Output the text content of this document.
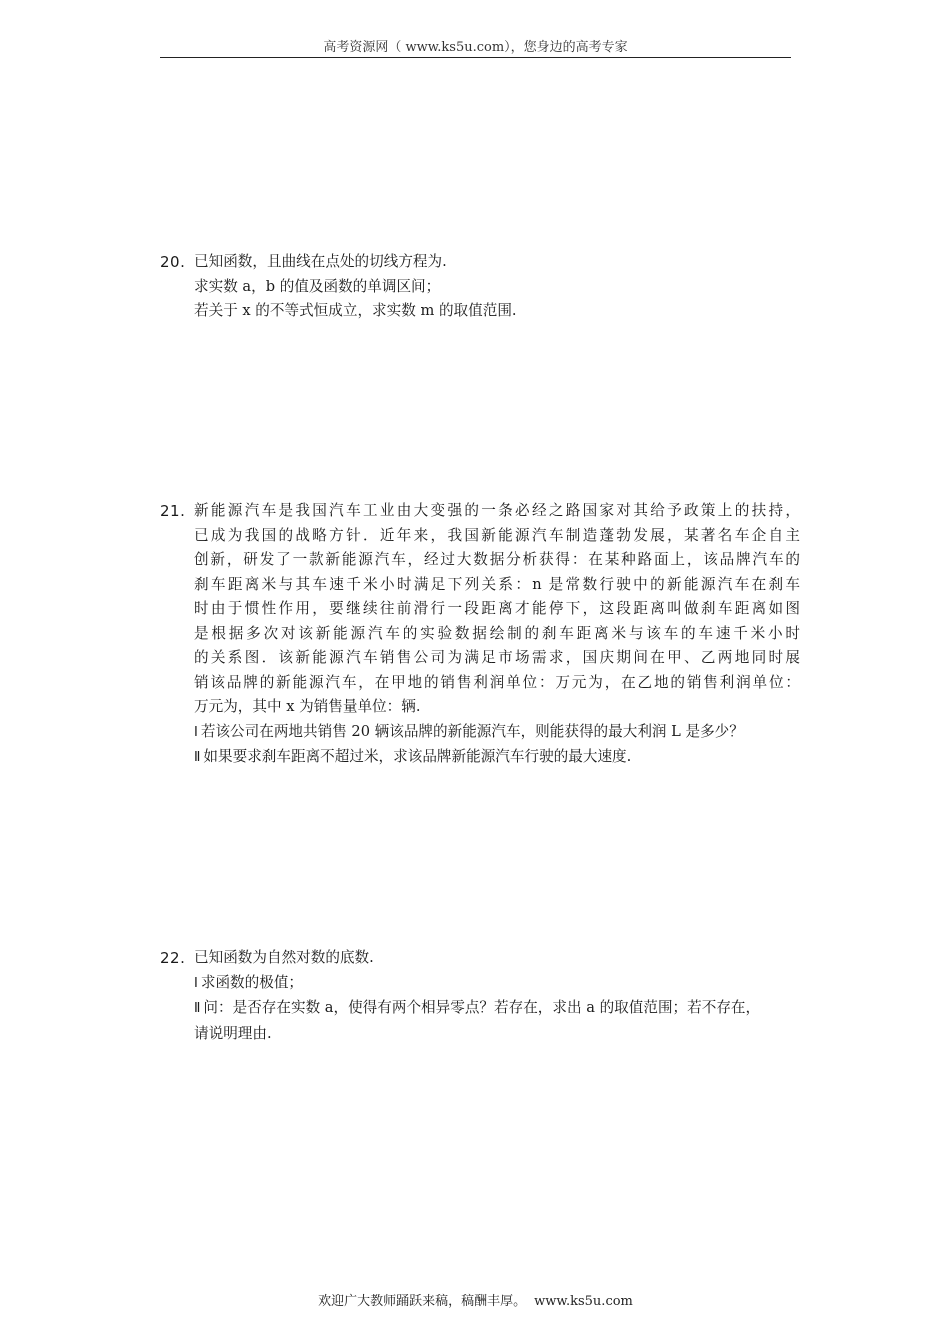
高考资源网（ www.ks5u.com），您身边的高考专家
20. 已知函数，且曲线在点处的切线方程为.
求实数 a，b 的值及函数的单调区间；
若关于 x 的不等式恒成立，求实数 m 的取值范围.
21. 新能源汽车是我国汽车工业由大变强的一条必经之路国家对其给予政策上的扶持，
已成为我国的战略方针．近年来，我国新能源汽车制造蓬勃发展，某著名车企自主
创新，研发了一款新能源汽车，经过大数据分析获得：在某种路面上，该品牌汽车的
刹车距离米与其车速千米小时满足下列关系：n 是常数行驶中的新能源汽车在刹车
时由于惯性作用，要继续往前滑行一段距离才能停下，这段距离叫做刹车距离如图
是根据多次对该新能源汽车的实验数据绘制的刹车距离米与该车的车速千米小时
的关系图．该新能源汽车销售公司为满足市场需求，国庆期间在甲、乙两地同时展
销该品牌的新能源汽车，在甲地的销售利润单位：万元为，在乙地的销售利润单位：
万元为，其中 x 为销售量单位：辆.
Ⅰ 若该公司在两地共销售 20 辆该品牌的新能源汽车，则能获得的最大利润 L 是多少？
Ⅱ 如果要求刹车距离不超过米，求该品牌新能源汽车行驶的最大速度.
22. 已知函数为自然对数的底数.
Ⅰ 求函数的极值；
Ⅱ 问：是否存在实数 a，使得有两个相异零点？若存在，求出 a 的取值范围；若不存在，
请说明理由.
欢迎广大教师踊跃来稿，稿酬丰厚。 www.ks5u.com
